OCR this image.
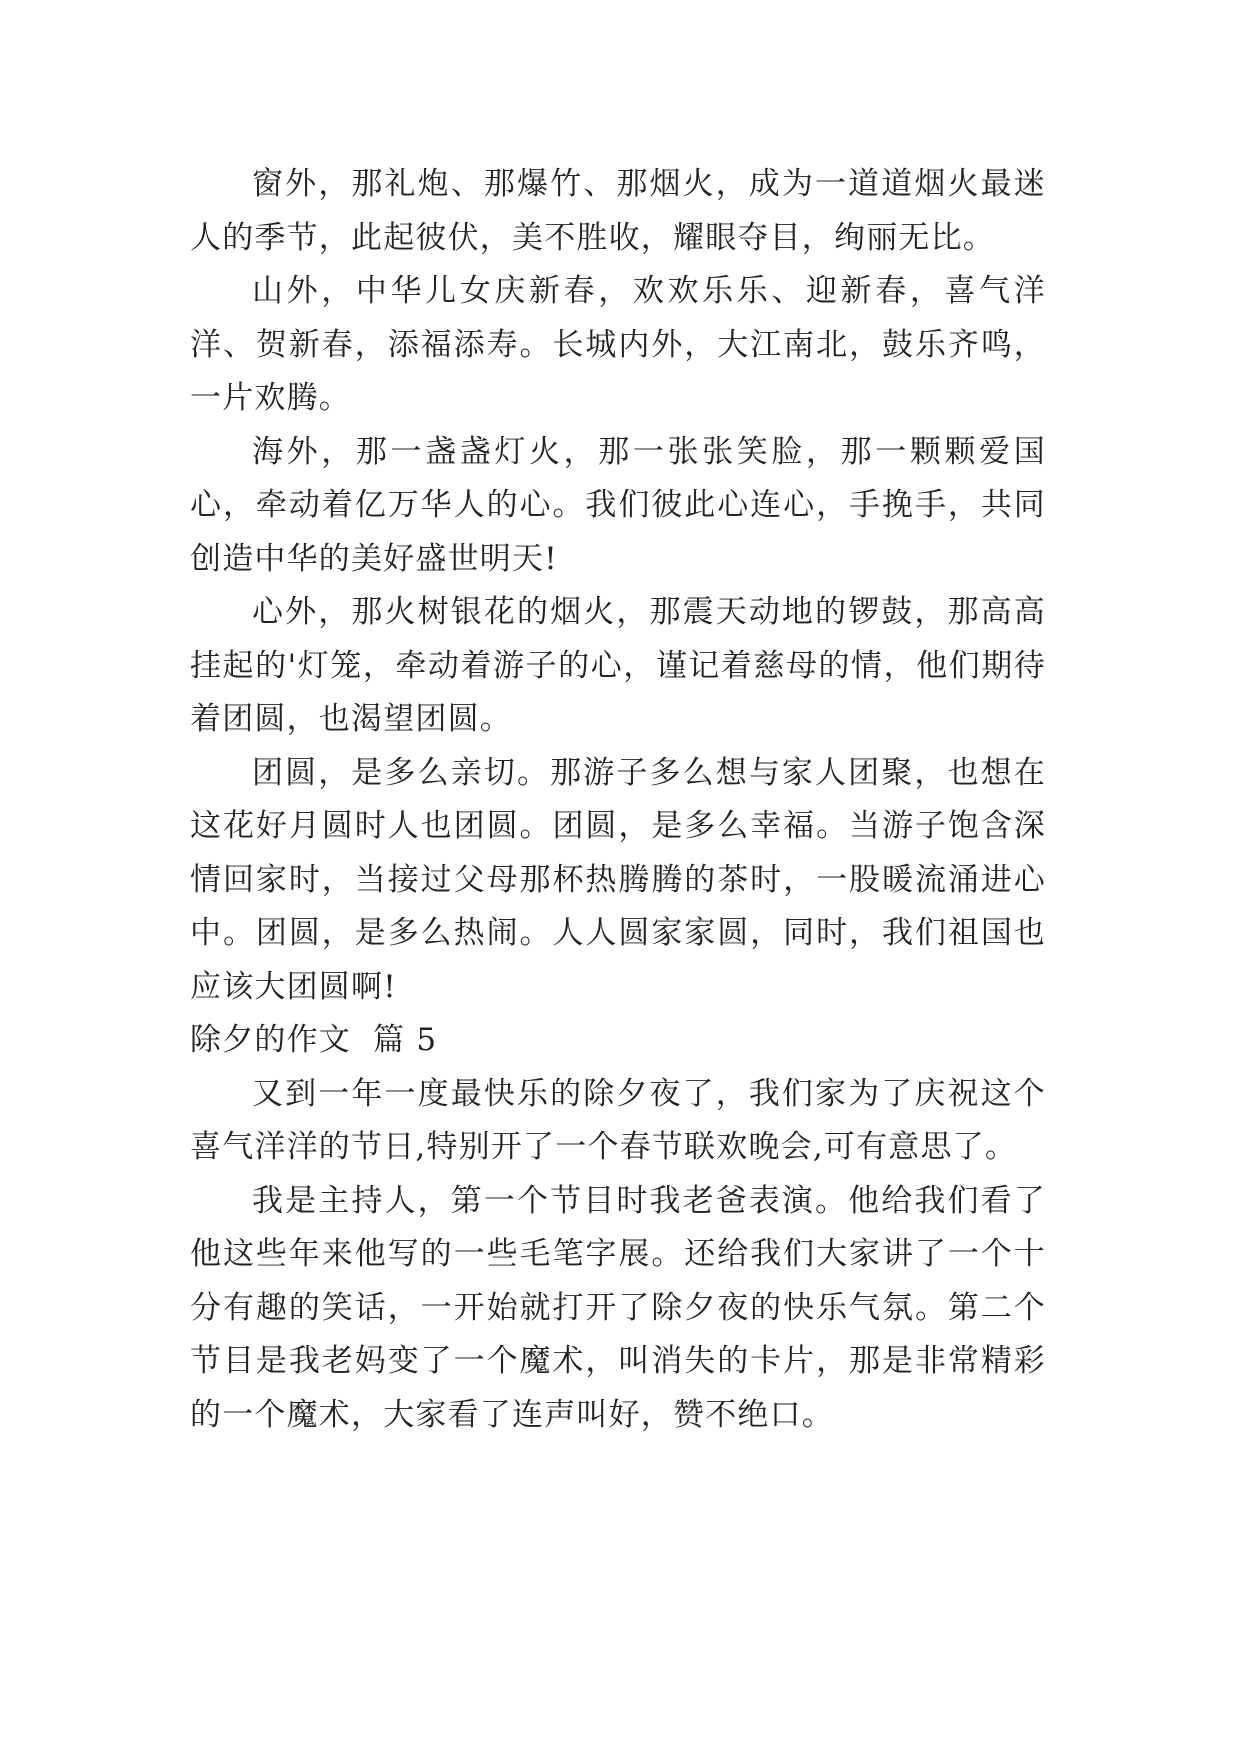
窗外，那礼炮、那爆竹、那烟火，成为一道道烟火最迷人的季节，此起彼伏，美不胜收，耀眼夺目，绚丽无比。

山外，中华儿女庆新春，欢欢乐乐、迎新春，喜气洋洋、贺新春，添福添寿。长城内外，大江南北，鼓乐齐鸣，一片欢腾。

海外，那一盏盏灯火，那一张张笑脸，那一颗颗爱国心，牵动着亿万华人的心。我们彼此心连心，手挽手，共同创造中华的美好盛世明天!

心外，那火树银花的烟火，那震天动地的锣鼓，那高高挂起的'灯笼，牵动着游子的心，谨记着慈母的情，他们期待着团圆，也渴望团圆。

团圆，是多么亲切。那游子多么想与家人团聚，也想在这花好月圆时人也团圆。团圆，是多么幸福。当游子饱含深情回家时，当接过父母那杯热腾腾的茶时，一股暖流涌进心中。团圆，是多么热闹。人人圆家家圆，同时，我们祖国也应该大团圆啊!

除夕的作文  篇 5

又到一年一度最快乐的除夕夜了，我们家为了庆祝这个喜气洋洋的节日,特别开了一个春节联欢晚会,可有意思了。

我是主持人，第一个节目时我老爸表演。他给我们看了他这些年来他写的一些毛笔字展。还给我们大家讲了一个十分有趣的笑话，一开始就打开了除夕夜的快乐气氛。第二个节目是我老妈变了一个魔术，叫消失的卡片，那是非常精彩的一个魔术，大家看了连声叫好，赞不绝口。
